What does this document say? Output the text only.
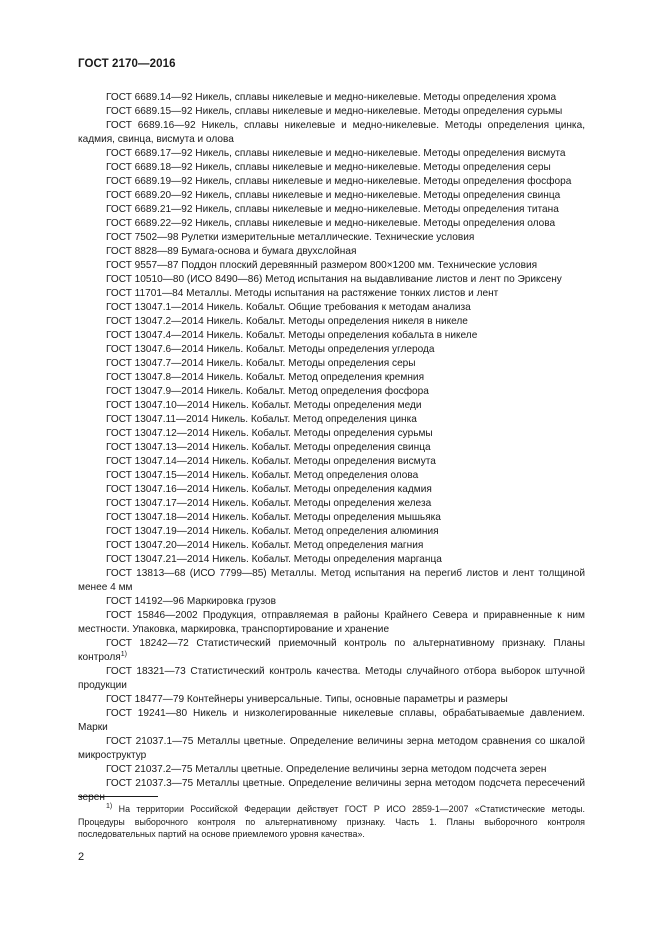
ГОСТ 2170—2016
ГОСТ 6689.14—92 Никель, сплавы никелевые и медно-никелевые. Методы определения хрома
ГОСТ 6689.15—92 Никель, сплавы никелевые и медно-никелевые. Методы определения сурьмы
ГОСТ 6689.16—92 Никель, сплавы никелевые и медно-никелевые. Методы определения цинка, кадмия, свинца, висмута и олова
ГОСТ 6689.17—92 Никель, сплавы никелевые и медно-никелевые. Методы определения висмута
ГОСТ 6689.18—92 Никель, сплавы никелевые и медно-никелевые. Методы определения серы
ГОСТ 6689.19—92 Никель, сплавы никелевые и медно-никелевые. Методы определения фосфора
ГОСТ 6689.20—92 Никель, сплавы никелевые и медно-никелевые. Методы определения свинца
ГОСТ 6689.21—92 Никель, сплавы никелевые и медно-никелевые. Методы определения титана
ГОСТ 6689.22—92 Никель, сплавы никелевые и медно-никелевые. Методы определения олова
ГОСТ 7502—98 Рулетки измерительные металлические. Технические условия
ГОСТ 8828—89 Бумага-основа и бумага двухслойная
ГОСТ 9557—87 Поддон плоский деревянный размером 800×1200 мм. Технические условия
ГОСТ 10510—80 (ИСО 8490—86) Метод испытания на выдавливание листов и лент по Эриксену
ГОСТ 11701—84 Металлы. Методы испытания на растяжение тонких листов и лент
ГОСТ 13047.1—2014 Никель. Кобальт. Общие требования к методам анализа
ГОСТ 13047.2—2014 Никель. Кобальт. Методы определения никеля в никеле
ГОСТ 13047.4—2014 Никель. Кобальт. Методы определения кобальта в никеле
ГОСТ 13047.6—2014 Никель. Кобальт. Методы определения углерода
ГОСТ 13047.7—2014 Никель. Кобальт. Методы определения серы
ГОСТ 13047.8—2014 Никель. Кобальт. Метод определения кремния
ГОСТ 13047.9—2014 Никель. Кобальт. Метод определения фосфора
ГОСТ 13047.10—2014 Никель. Кобальт. Методы определения меди
ГОСТ 13047.11—2014 Никель. Кобальт. Метод определения цинка
ГОСТ 13047.12—2014 Никель. Кобальт. Методы определения сурьмы
ГОСТ 13047.13—2014 Никель. Кобальт. Методы определения свинца
ГОСТ 13047.14—2014 Никель. Кобальт. Методы определения висмута
ГОСТ 13047.15—2014 Никель. Кобальт. Метод определения олова
ГОСТ 13047.16—2014 Никель. Кобальт. Методы определения кадмия
ГОСТ 13047.17—2014 Никель. Кобальт. Методы определения железа
ГОСТ 13047.18—2014 Никель. Кобальт. Методы определения мышьяка
ГОСТ 13047.19—2014 Никель. Кобальт. Метод определения алюминия
ГОСТ 13047.20—2014 Никель. Кобальт. Метод определения магния
ГОСТ 13047.21—2014 Никель. Кобальт. Методы определения марганца
ГОСТ 13813—68 (ИСО 7799—85) Металлы. Метод испытания на перегиб листов и лент толщиной менее 4 мм
ГОСТ 14192—96 Маркировка грузов
ГОСТ 15846—2002 Продукция, отправляемая в районы Крайнего Севера и приравненные к ним местности. Упаковка, маркировка, транспортирование и хранение
ГОСТ 18242—72 Статистический приемочный контроль по альтернативному признаку. Планы контроля$^{1)}$
ГОСТ 18321—73 Статистический контроль качества. Методы случайного отбора выборок штучной продукции
ГОСТ 18477—79 Контейнеры универсальные. Типы, основные параметры и размеры
ГОСТ 19241—80 Никель и низколегированные никелевые сплавы, обрабатываемые давлением. Марки
ГОСТ 21037.1—75 Металлы цветные. Определение величины зерна методом сравнения со шкалой микроструктур
ГОСТ 21037.2—75 Металлы цветные. Определение величины зерна методом подсчета зерен
ГОСТ 21037.3—75 Металлы цветные. Определение величины зерна методом подсчета пересечений зерен
$^{1)}$ На территории Российской Федерации действует ГОСТ Р ИСО 2859-1—2007 «Статистические методы. Процедуры выборочного контроля по альтернативному признаку. Часть 1. Планы выборочного контроля последовательных партий на основе приемлемого уровня качества».
2
